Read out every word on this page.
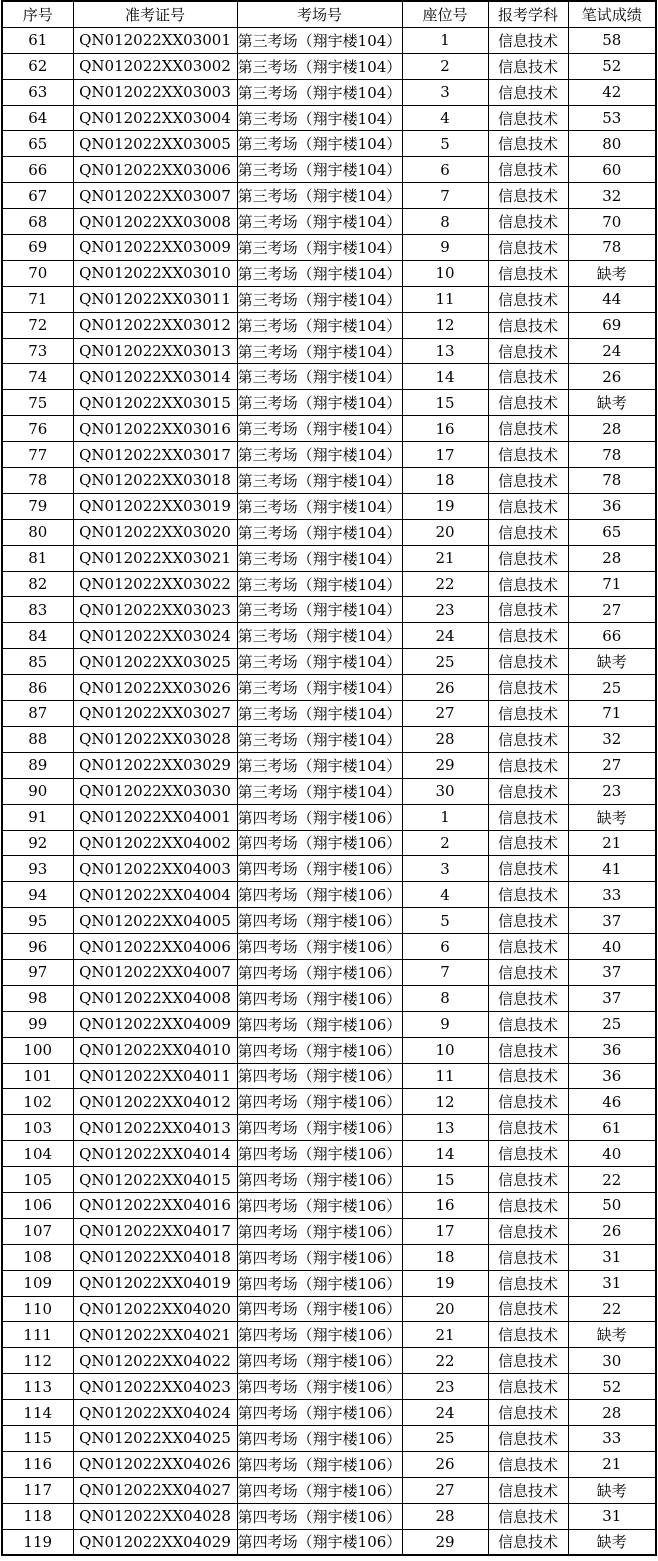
序号	准考证号	考场号	座位号	报考学科	笔试成绩
61	QN012022XX03001	第三考场（翔宇楼104）	1	信息技术	58
62	QN012022XX03002	第三考场（翔宇楼104）	2	信息技术	52
63	QN012022XX03003	第三考场（翔宇楼104）	3	信息技术	42
64	QN012022XX03004	第三考场（翔宇楼104）	4	信息技术	53
65	QN012022XX03005	第三考场（翔宇楼104）	5	信息技术	80
66	QN012022XX03006	第三考场（翔宇楼104）	6	信息技术	60
67	QN012022XX03007	第三考场（翔宇楼104）	7	信息技术	32
68	QN012022XX03008	第三考场（翔宇楼104）	8	信息技术	70
69	QN012022XX03009	第三考场（翔宇楼104）	9	信息技术	78
70	QN012022XX03010	第三考场（翔宇楼104）	10	信息技术	缺考
71	QN012022XX03011	第三考场（翔宇楼104）	11	信息技术	44
72	QN012022XX03012	第三考场（翔宇楼104）	12	信息技术	69
73	QN012022XX03013	第三考场（翔宇楼104）	13	信息技术	24
74	QN012022XX03014	第三考场（翔宇楼104）	14	信息技术	26
75	QN012022XX03015	第三考场（翔宇楼104）	15	信息技术	缺考
76	QN012022XX03016	第三考场（翔宇楼104）	16	信息技术	28
77	QN012022XX03017	第三考场（翔宇楼104）	17	信息技术	78
78	QN012022XX03018	第三考场（翔宇楼104）	18	信息技术	78
79	QN012022XX03019	第三考场（翔宇楼104）	19	信息技术	36
80	QN012022XX03020	第三考场（翔宇楼104）	20	信息技术	65
81	QN012022XX03021	第三考场（翔宇楼104）	21	信息技术	28
82	QN012022XX03022	第三考场（翔宇楼104）	22	信息技术	71
83	QN012022XX03023	第三考场（翔宇楼104）	23	信息技术	27
84	QN012022XX03024	第三考场（翔宇楼104）	24	信息技术	66
85	QN012022XX03025	第三考场（翔宇楼104）	25	信息技术	缺考
86	QN012022XX03026	第三考场（翔宇楼104）	26	信息技术	25
87	QN012022XX03027	第三考场（翔宇楼104）	27	信息技术	71
88	QN012022XX03028	第三考场（翔宇楼104）	28	信息技术	32
89	QN012022XX03029	第三考场（翔宇楼104）	29	信息技术	27
90	QN012022XX03030	第三考场（翔宇楼104）	30	信息技术	23
91	QN012022XX04001	第四考场（翔宇楼106）	1	信息技术	缺考
92	QN012022XX04002	第四考场（翔宇楼106）	2	信息技术	21
93	QN012022XX04003	第四考场（翔宇楼106）	3	信息技术	41
94	QN012022XX04004	第四考场（翔宇楼106）	4	信息技术	33
95	QN012022XX04005	第四考场（翔宇楼106）	5	信息技术	37
96	QN012022XX04006	第四考场（翔宇楼106）	6	信息技术	40
97	QN012022XX04007	第四考场（翔宇楼106）	7	信息技术	37
98	QN012022XX04008	第四考场（翔宇楼106）	8	信息技术	37
99	QN012022XX04009	第四考场（翔宇楼106）	9	信息技术	25
100	QN012022XX04010	第四考场（翔宇楼106）	10	信息技术	36
101	QN012022XX04011	第四考场（翔宇楼106）	11	信息技术	36
102	QN012022XX04012	第四考场（翔宇楼106）	12	信息技术	46
103	QN012022XX04013	第四考场（翔宇楼106）	13	信息技术	61
104	QN012022XX04014	第四考场（翔宇楼106）	14	信息技术	40
105	QN012022XX04015	第四考场（翔宇楼106）	15	信息技术	22
106	QN012022XX04016	第四考场（翔宇楼106）	16	信息技术	50
107	QN012022XX04017	第四考场（翔宇楼106）	17	信息技术	26
108	QN012022XX04018	第四考场（翔宇楼106）	18	信息技术	31
109	QN012022XX04019	第四考场（翔宇楼106）	19	信息技术	31
110	QN012022XX04020	第四考场（翔宇楼106）	20	信息技术	22
111	QN012022XX04021	第四考场（翔宇楼106）	21	信息技术	缺考
112	QN012022XX04022	第四考场（翔宇楼106）	22	信息技术	30
113	QN012022XX04023	第四考场（翔宇楼106）	23	信息技术	52
114	QN012022XX04024	第四考场（翔宇楼106）	24	信息技术	28
115	QN012022XX04025	第四考场（翔宇楼106）	25	信息技术	33
116	QN012022XX04026	第四考场（翔宇楼106）	26	信息技术	21
117	QN012022XX04027	第四考场（翔宇楼106）	27	信息技术	缺考
118	QN012022XX04028	第四考场（翔宇楼106）	28	信息技术	31
119	QN012022XX04029	第四考场（翔宇楼106）	29	信息技术	缺考
